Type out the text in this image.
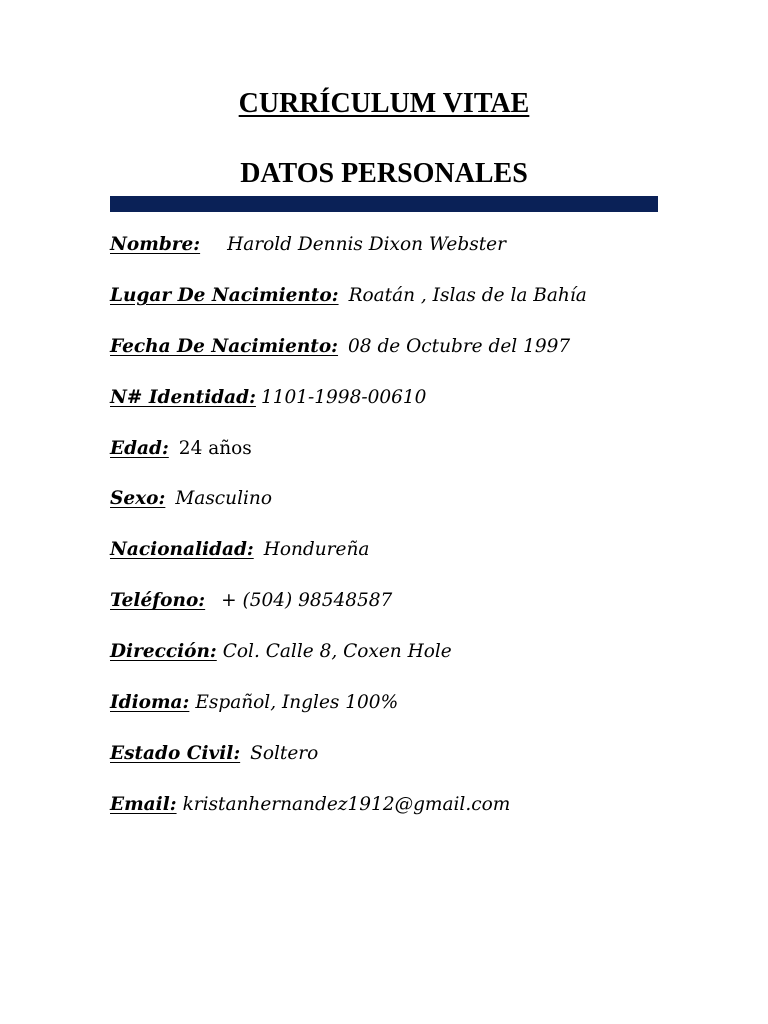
CURRÍCULUM VITAE
DATOS PERSONALES
Nombre: Harold Dennis Dixon Webster
Lugar De Nacimiento: Roatán , Islas de la Bahía
Fecha De Nacimiento: 08 de Octubre del 1997
N# Identidad: 1101-1998-00610
Edad: 24 años
Sexo: Masculino
Nacionalidad: Hondureña
Teléfono: + (504) 98548587
Dirección: Col. Calle 8, Coxen Hole
Idioma: Español, Ingles 100%
Estado Civil: Soltero
Email: kristanhernandez1912@gmail.com
